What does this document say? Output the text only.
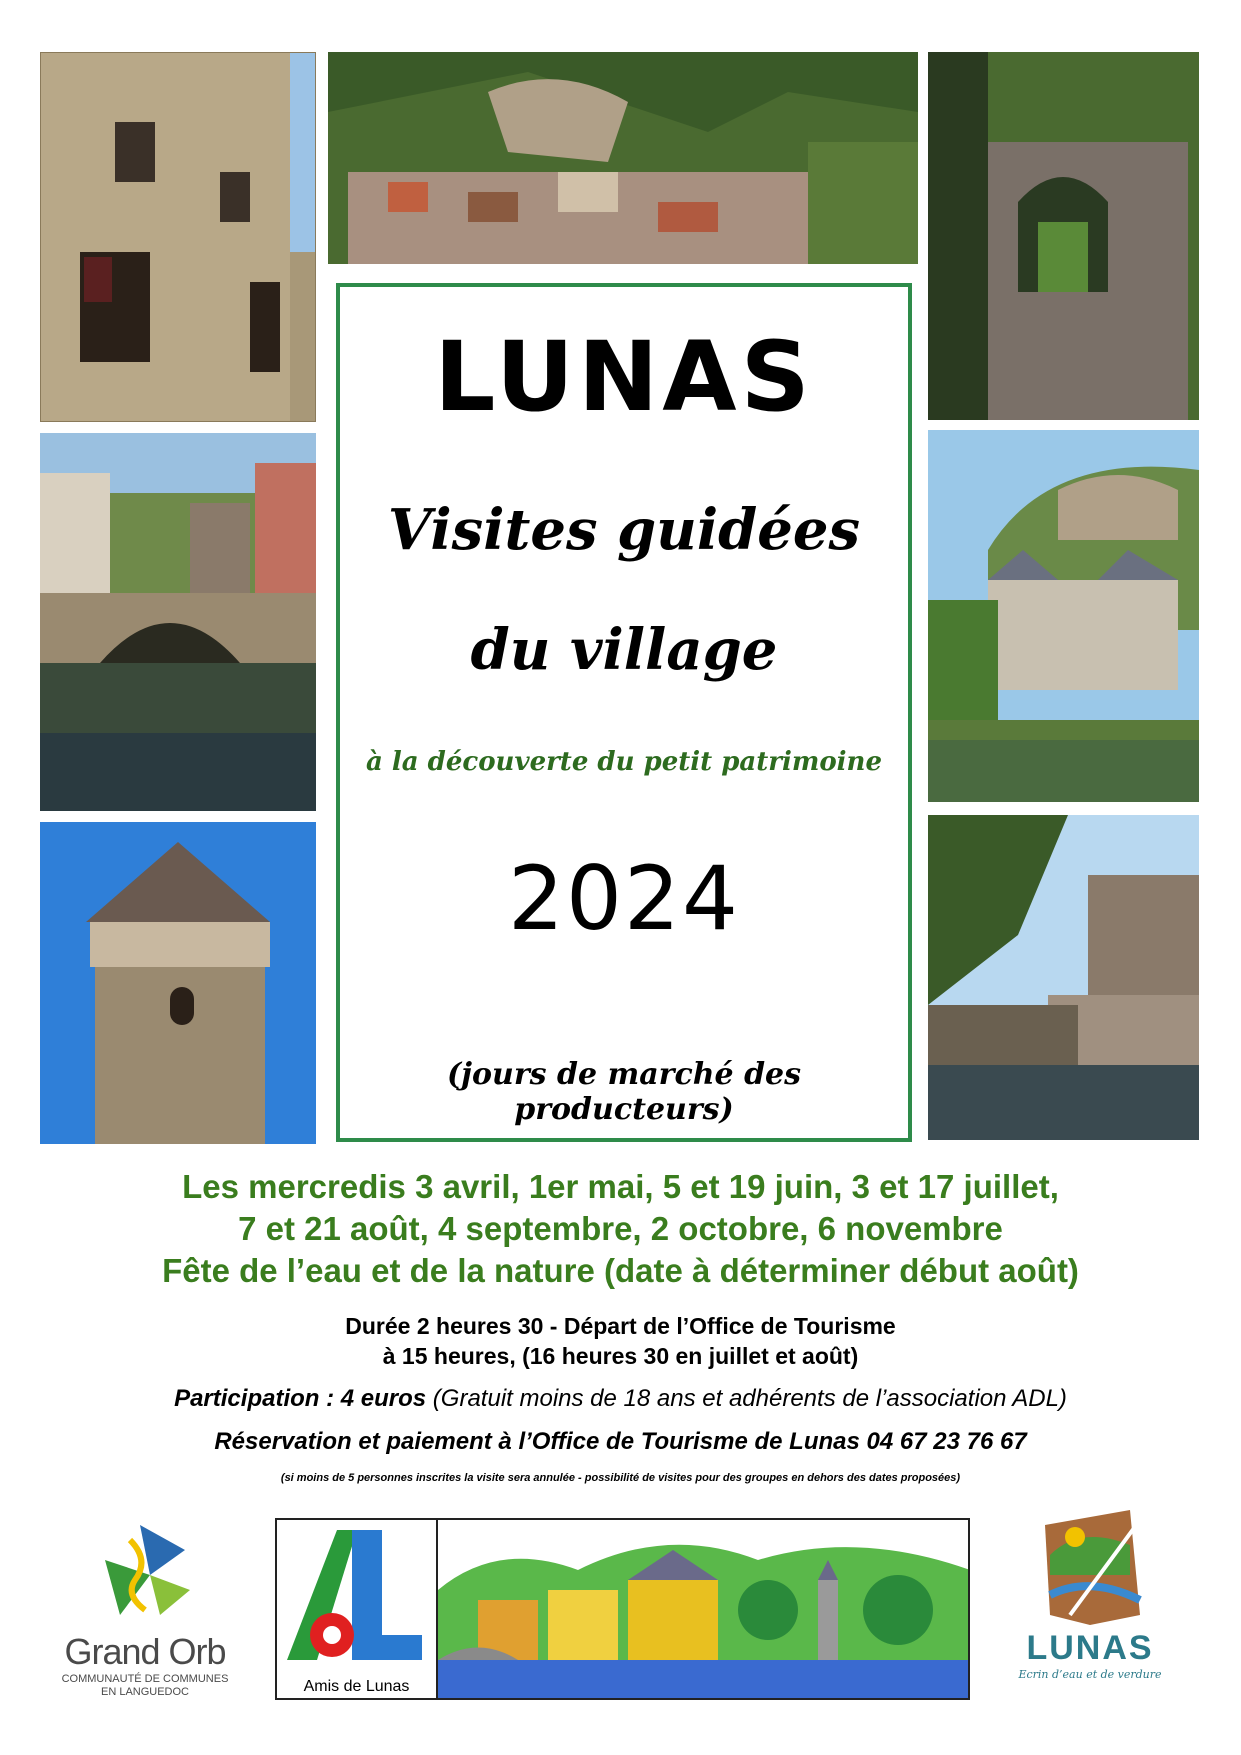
LUNAS
Visites guidées
du village
à la découverte du petit patrimoine
2024
(jours de marché des producteurs)
Les mercredis 3 avril, 1er mai, 5 et 19 juin, 3 et 17 juillet,
7 et 21 août, 4 septembre, 2 octobre, 6 novembre
Fête de l’eau et de la nature (date à déterminer début août)
Durée 2 heures 30 - Départ de l’Office de Tourisme
à 15 heures, (16 heures 30 en juillet et août)
Participation : 4 euros (Gratuit moins de 18 ans et adhérents de l’association ADL)
Réservation et paiement à l’Office de Tourisme de Lunas 04 67 23 76 67
(si moins de 5 personnes inscrites la visite sera annulée - possibilité de visites pour des groupes en dehors des dates proposées)
Grand Orb
COMMUNAUTÉ DE COMMUNES
EN LANGUEDOC	Amis de Lunas
LUNAS
Ecrin d’eau et de verdure
